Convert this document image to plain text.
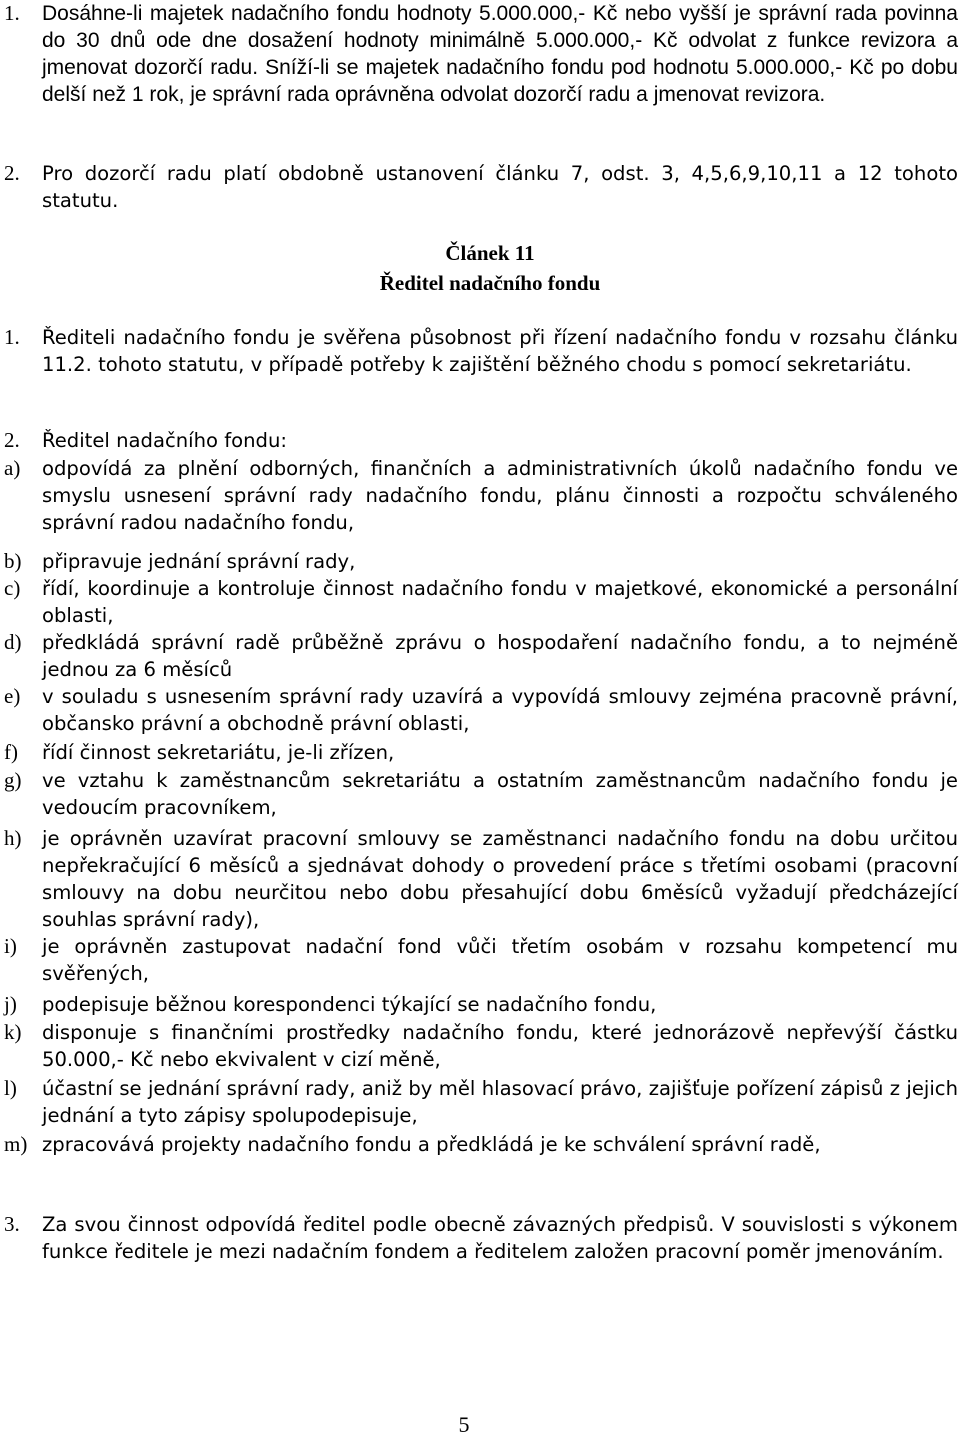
1.	Dosáhne-li majetek nadačního fondu hodnoty 5.000.000,- Kč nebo vyšší je správní rada povinna do 30 dnů ode dne dosažení hodnoty minimálně 5.000.000,- Kč odvolat z funkce revizora a jmenovat dozorčí radu. Sníží-li se majetek nadačního fondu pod hodnotu 5.000.000,- Kč po dobu delší než 1 rok, je správní rada oprávněna odvolat dozorčí radu a jmenovat revizora.
2.	Pro dozorčí radu platí obdobně ustanovení článku 7, odst. 3, 4,5,6,9,10,11 a 12 tohoto statutu.
Článek 11
Ředitel nadačního fondu
1.	Řediteli nadačního fondu je svěřena působnost při řízení nadačního fondu v rozsahu článku 11.2. tohoto statutu, v případě potřeby k zajištění běžného chodu s pomocí sekretariátu.
2.	Ředitel nadačního fondu:
a)	odpovídá za plnění odborných, finančních a administrativních úkolů nadačního fondu ve smyslu usnesení správní rady nadačního fondu, plánu činnosti a rozpočtu schváleného správní radou nadačního fondu,
b)	připravuje jednání správní rady,
c)	řídí, koordinuje a kontroluje činnost nadačního fondu v majetkové, ekonomické a personální oblasti,
d)	předkládá správní radě průběžně zprávu o hospodaření nadačního fondu, a to nejméně jednou za 6 měsíců
e)	v souladu s usnesením správní rady uzavírá a vypovídá smlouvy zejména pracovně právní, občansko právní a obchodně právní oblasti,
f)	řídí činnost sekretariátu, je-li zřízen,
g)	ve vztahu k zaměstnancům sekretariátu a ostatním zaměstnancům nadačního fondu je vedoucím pracovníkem,
h)	je oprávněn uzavírat pracovní smlouvy se zaměstnanci nadačního fondu na dobu určitou nepřekračující 6 měsíců a sjednávat dohody o provedení práce s třetími osobami (pracovní smlouvy na dobu neurčitou nebo dobu přesahující dobu 6měsíců vyžadují předcházející souhlas správní rady),
i)	je oprávněn zastupovat nadační fond vůči třetím osobám v rozsahu kompetencí mu svěřených,
j)	podepisuje běžnou korespondenci týkající se nadačního fondu,
k)	disponuje s finančními prostředky nadačního fondu, které jednorázově nepřevýší částku 50.000,- Kč nebo ekvivalent v cizí měně,
l)	účastní se jednání správní rady, aniž by měl hlasovací právo, zajišťuje pořízení zápisů z jejich jednání a tyto zápisy spolupodepisuje,
m) zpracovává projekty nadačního fondu a předkládá je ke schválení správní radě,
3.	Za svou činnost odpovídá ředitel podle obecně závazných předpisů. V souvislosti s výkonem funkce ředitele je mezi nadačním fondem a ředitelem založen pracovní poměr jmenováním.
5
